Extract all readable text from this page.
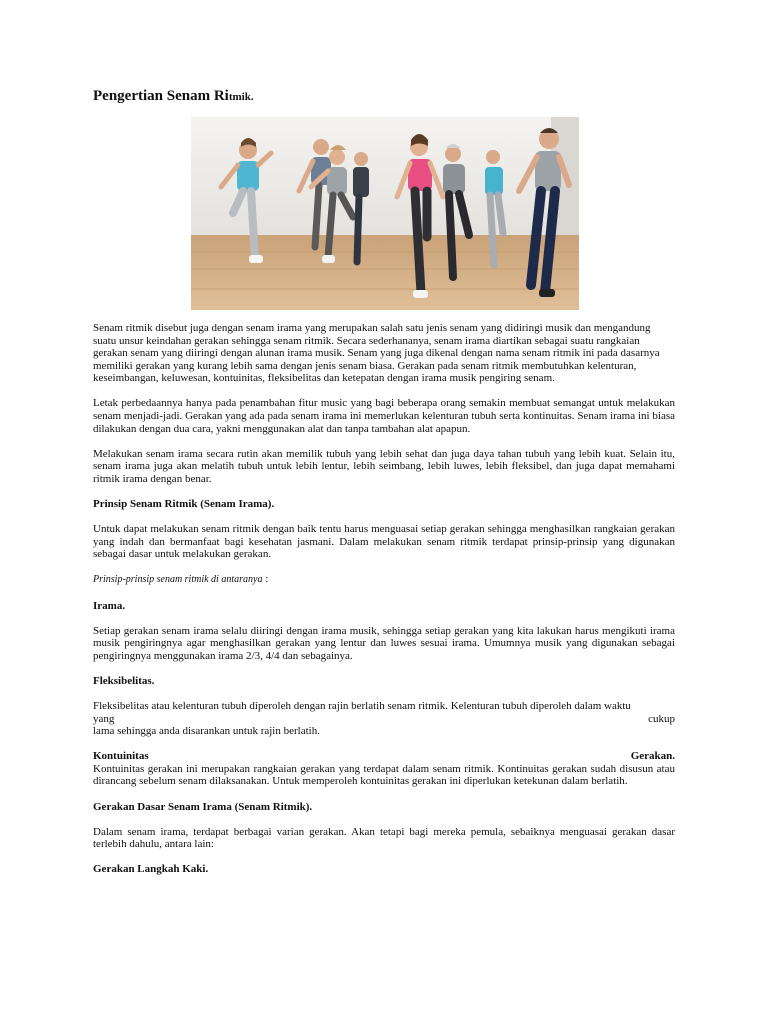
Pengertian Senam Ritmik.

Senam ritmik disebut juga dengan senam irama yang merupakan salah satu jenis senam yang didiringi musik dan mengandung suatu unsur keindahan gerakan sehingga senam ritmik. Secara sederhananya, senam irama diartikan sebagai suatu rangkaian gerakan senam yang diiringi dengan alunan irama musik. Senam yang juga dikenal dengan nama senam ritmik ini pada dasarnya memiliki gerakan yang kurang lebih sama dengan jenis senam biasa. Gerakan pada senam ritmik membutuhkan kelenturan, keseimbangan, keluwesan, kontuinitas, fleksibelitas dan ketepatan dengan irama musik pengiring senam.

Letak perbedaannya hanya pada penambahan fitur music yang bagi beberapa orang semakin membuat semangat untuk melakukan senam menjadi-jadi. Gerakan yang ada pada senam irama ini memerlukan kelenturan tubuh serta kontinuitas. Senam irama ini biasa dilakukan dengan dua cara, yakni menggunakan alat dan tanpa tambahan alat apapun.

Melakukan senam irama secara rutin akan memilik tubuh yang lebih sehat dan juga daya tahan tubuh yang lebih kuat. Selain itu, senam irama juga akan melatih tubuh untuk lebih lentur, lebih seimbang, lebih luwes, lebih fleksibel, dan juga dapat memahami ritmik irama dengan benar.

Prinsip Senam Ritmik (Senam Irama).

Untuk dapat melakukan senam ritmik dengan baik tentu harus menguasai setiap gerakan sehingga menghasilkan rangkaian gerakan yang indah dan bermanfaat bagi kesehatan jasmani. Dalam melakukan senam ritmik terdapat prinsip-prinsip yang digunakan sebagai dasar untuk melakukan gerakan.

Prinsip-prinsip senam ritmik di antaranya :

Irama.

Setiap gerakan senam irama selalu diiringi dengan irama musik, sehingga setiap gerakan yang kita lakukan harus mengikuti irama musik pengiringnya agar menghasilkan gerakan yang lentur dan luwes sesuai irama. Umumnya musik yang digunakan sebagai pengiringnya menggunakan irama 2/3, 4/4 dan sebagainya.

Fleksibelitas.

Fleksibelitas atau kelenturan tubuh diperoleh dengan rajin berlatih senam ritmik. Kelenturan tubuh diperoleh dalam waktu
yang	cukup
lama sehingga anda disarankan untuk rajin berlatih.
Kontuinitas	Gerakan.

Kontuinitas gerakan ini merupakan rangkaian gerakan yang terdapat dalam senam ritmik. Kontinuitas gerakan sudah disusun atau dirancang sebelum senam dilaksanakan. Untuk memperoleh kontuinitas gerakan ini diperlukan ketekunan dalam berlatih.

Gerakan Dasar Senam Irama (Senam Ritmik).

Dalam senam irama, terdapat berbagai varian gerakan. Akan tetapi bagi mereka pemula, sebaiknya menguasai gerakan dasar terlebih dahulu, antara lain:

Gerakan Langkah Kaki.
